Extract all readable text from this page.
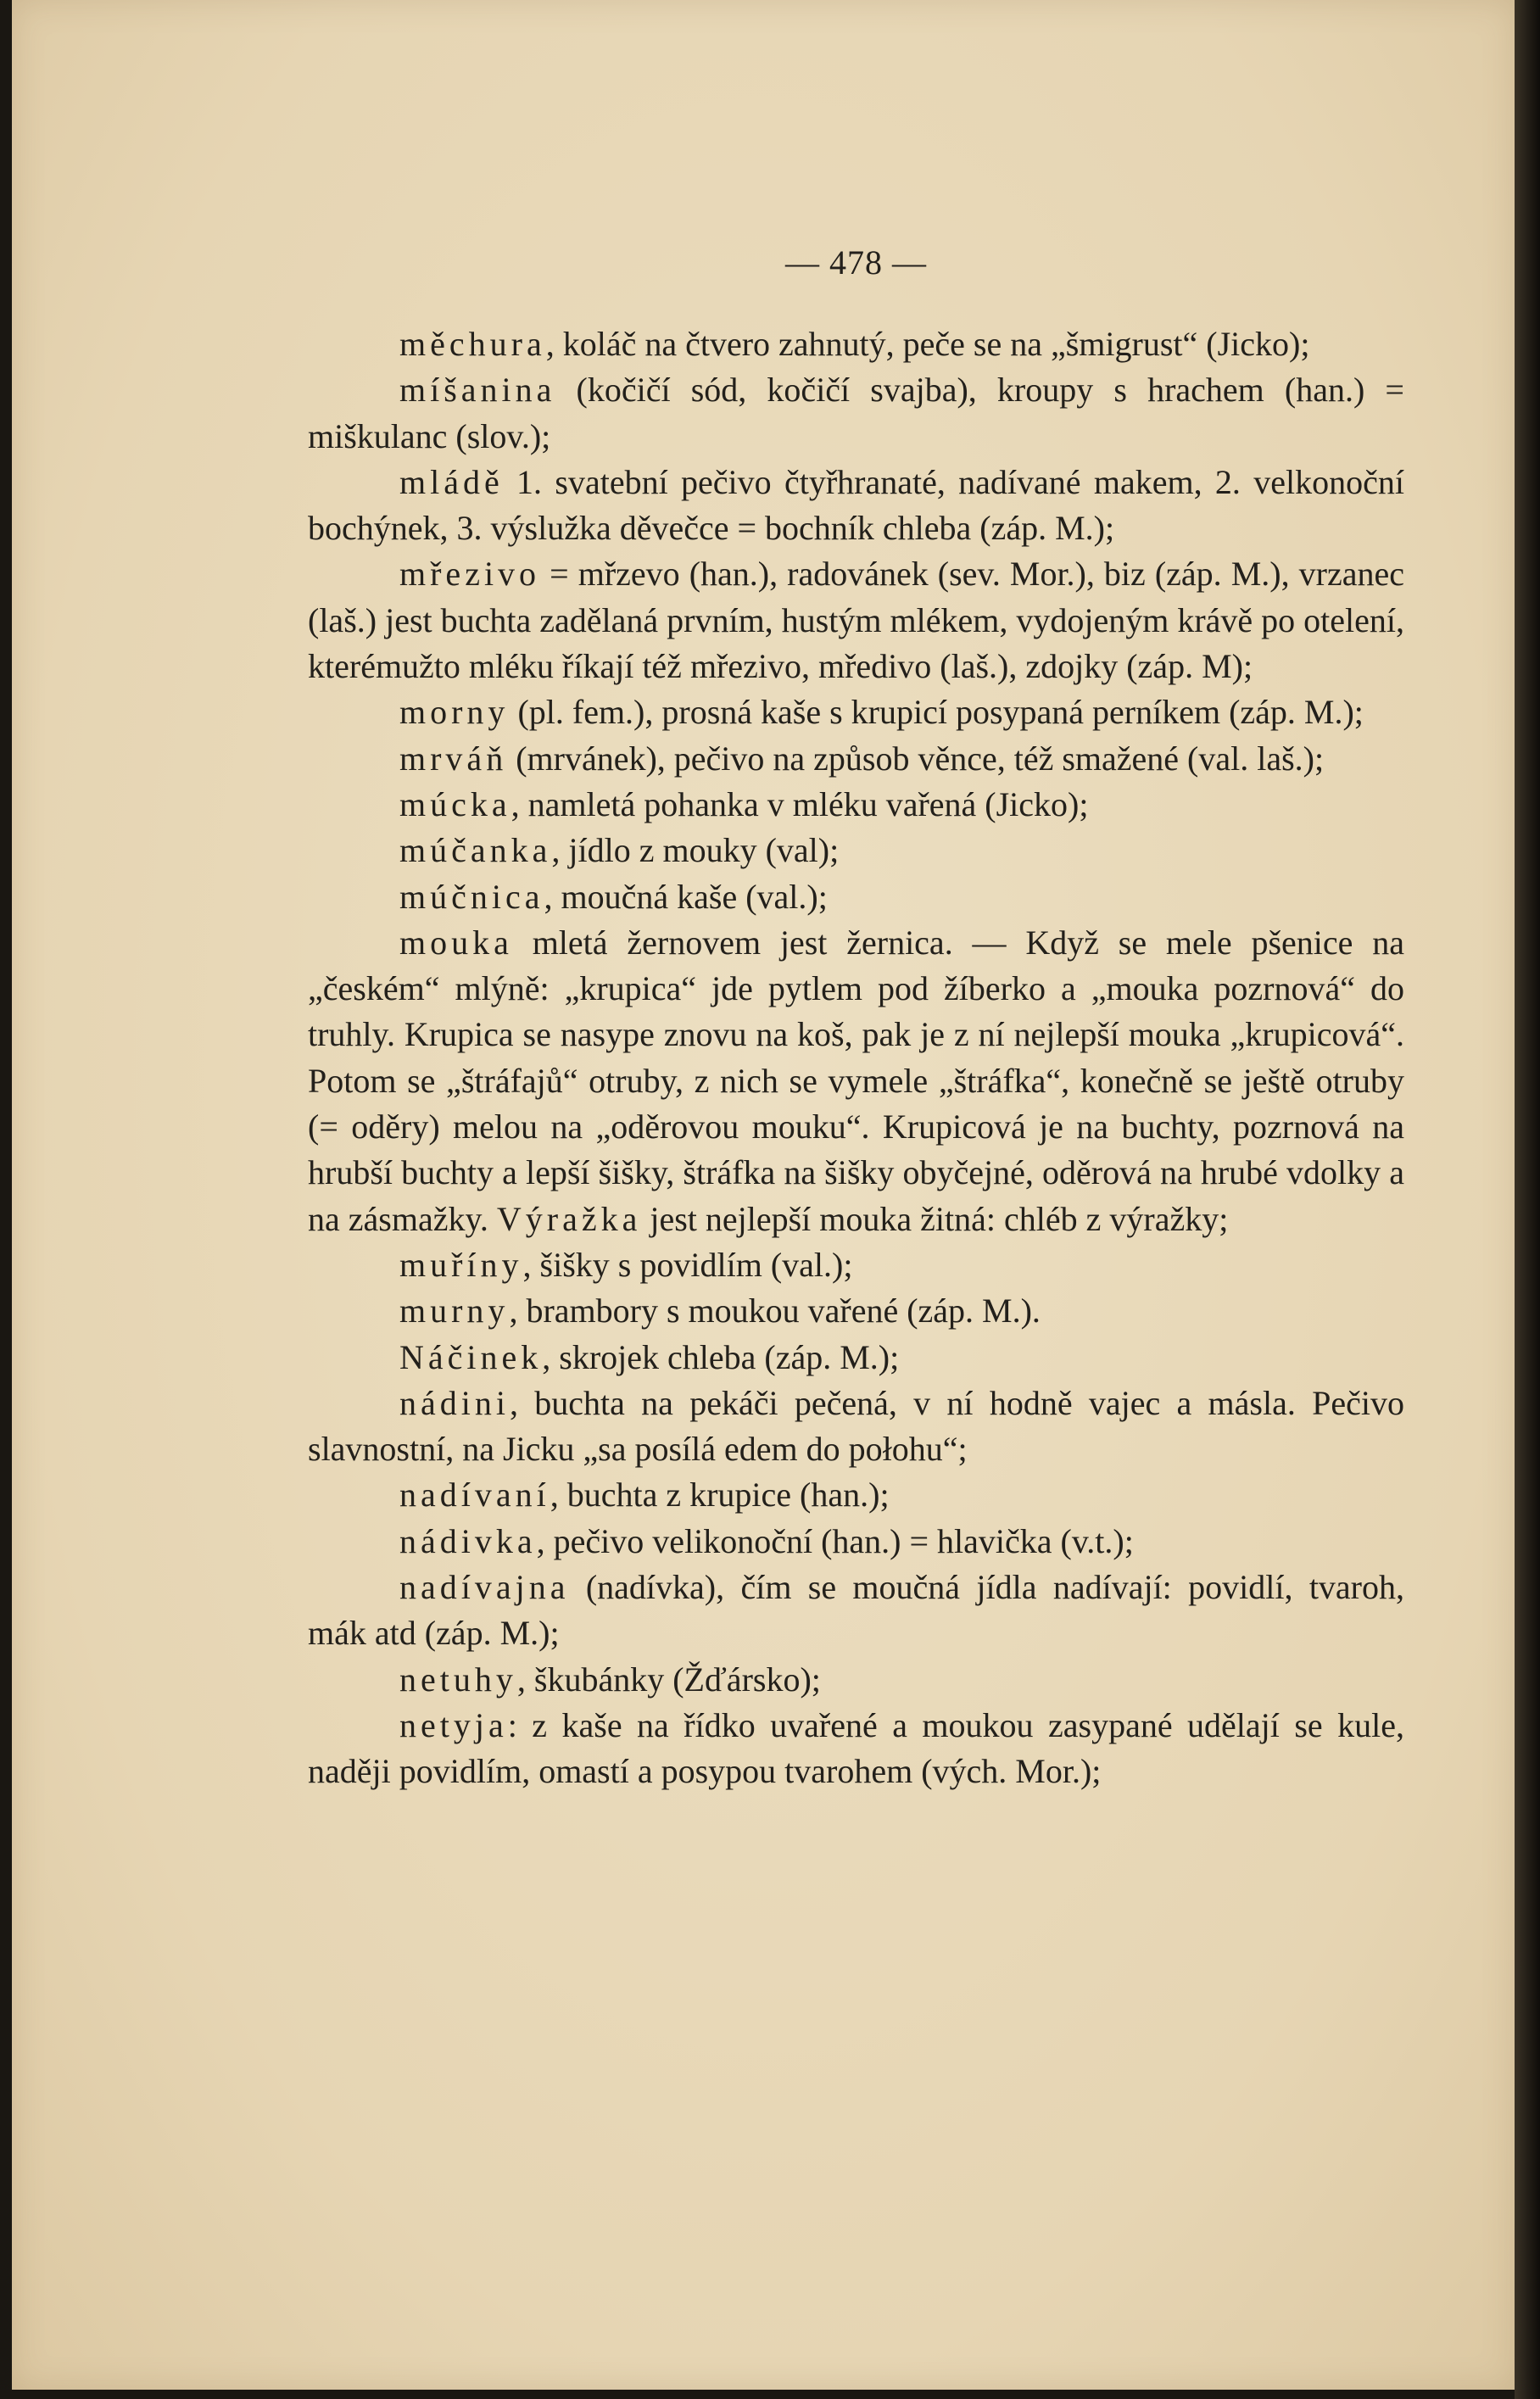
— 478 —

měchura, koláč na čtvero zahnutý, peče se na „šmigrust“ (Jicko);

míšanina (kočičí sód, kočičí svajba), kroupy s hrachem (han.) = miškulanc (slov.);

mládě 1. svatební pečivo čtyřhranaté, nadívané makem, 2. velkonoční bochýnek, 3. výslužka děvečce = bochník chleba (záp. M.);

mřezivo = mřzevo (han.), radovánek (sev. Mor.), biz (záp. M.), vrzanec (laš.) jest buchta zadělaná prvním, hustým mlékem, vydojeným krávě po otelení, kterémužto mléku říkají též mřezivo, mředivo (laš.), zdojky (záp. M);

morny (pl. fem.), prosná kaše s krupicí posypaná perníkem (záp. M.);

mrváň (mrvánek), pečivo na způsob věnce, též smažené (val. laš.);

múcka, namletá pohanka v mléku vařená (Jicko);

múčanka, jídlo z mouky (val);

múčnica, moučná kaše (val.);

mouka mletá žernovem jest žernica. — Když se mele pšenice na „českém“ mlýně: „krupica“ jde pytlem pod žíberko a „mouka pozrnová“ do truhly. Krupica se nasype znovu na koš, pak je z ní nejlepší mouka „krupicová“. Potom se „štráfajů“ otruby, z nich se vymele „štráfka“, konečně se ještě otruby (= oděry) melou na „oděrovou mouku“. Krupicová je na buchty, pozrnová na hrubší buchty a lepší šišky, štráfka na šišky obyčejné, oděrová na hrubé vdolky a na zásmažky. Výražka jest nejlepší mouka žitná: chléb z výražky;

muříny, šišky s povidlím (val.);

murny, brambory s moukou vařené (záp. M.).

Náčinek, skrojek chleba (záp. M.);

nádini, buchta na pekáči pečená, v ní hodně vajec a másla. Pečivo slavnostní, na Jicku „sa posílá edem do połohu“;

nadívaní, buchta z krupice (han.);

nádivka, pečivo velikonoční (han.) = hlavička (v.t.);

nadívajna (nadívka), čím se moučná jídla nadívají: povidlí, tvaroh, mák atd (záp. M.);

netuhy, škubánky (Žďársko);

netyja: z kaše na řídko uvařené a moukou zasypané udělají se kule, naději povidlím, omastí a posypou tvarohem (vých. Mor.);
